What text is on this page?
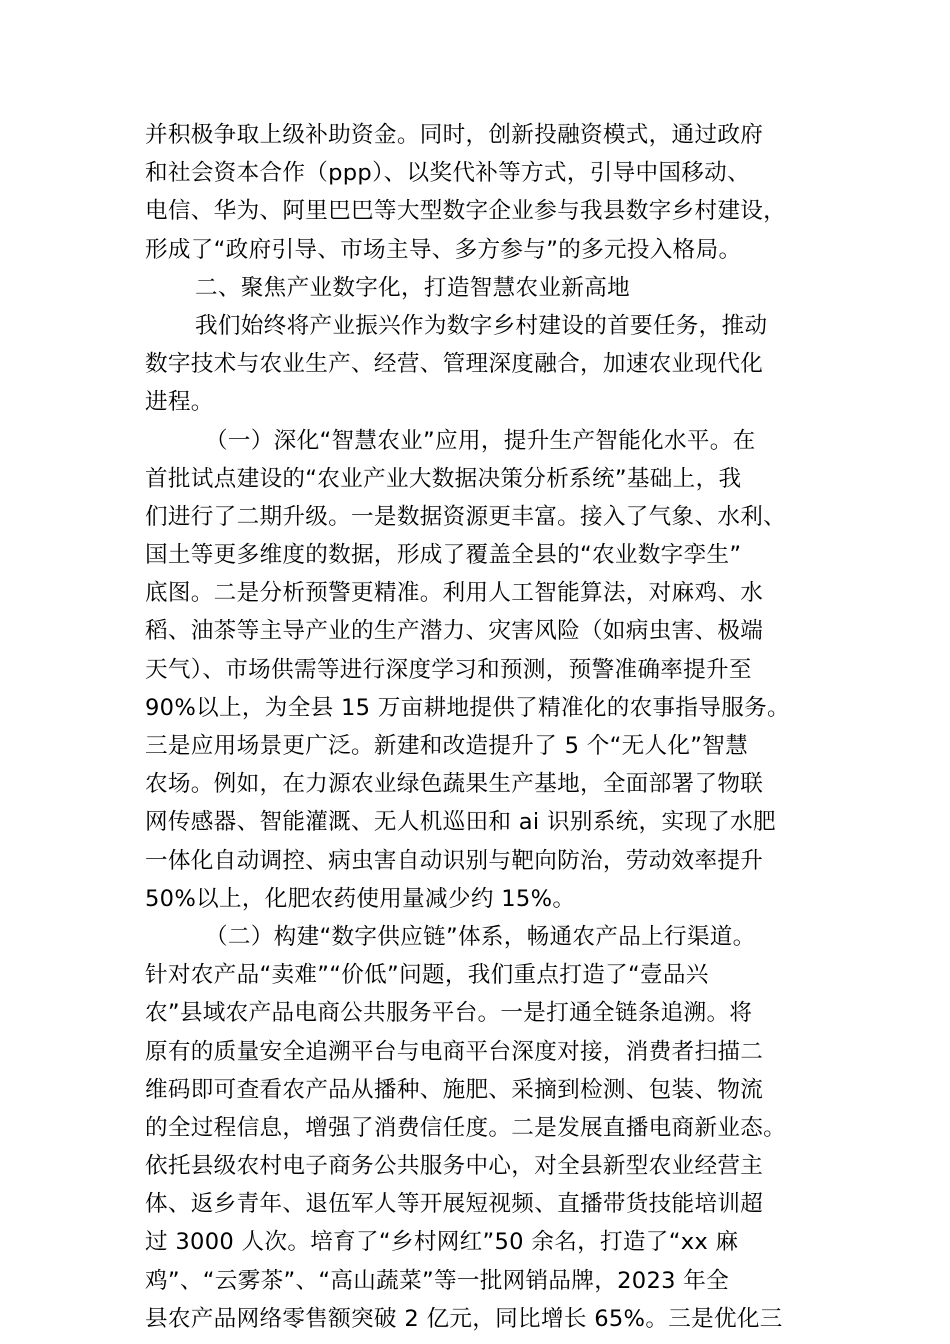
并积极争取上级补助资金。同时，创新投融资模式，通过政府
和社会资本合作（ppp）、以奖代补等方式，引导中国移动、
电信、华为、阿里巴巴等大型数字企业参与我县数字乡村建设，
形成了“政府引导、市场主导、多方参与”的多元投入格局。
二、聚焦产业数字化，打造智慧农业新高地
我们始终将产业振兴作为数字乡村建设的首要任务，推动
数字技术与农业生产、经营、管理深度融合，加速农业现代化
进程。
（一）深化“智慧农业”应用，提升生产智能化水平。在
首批试点建设的“农业产业大数据决策分析系统”基础上，我
们进行了二期升级。一是数据资源更丰富。接入了气象、水利、
国土等更多维度的数据，形成了覆盖全县的“农业数字孪生”
底图。二是分析预警更精准。利用人工智能算法，对麻鸡、水
稻、油茶等主导产业的生产潜力、灾害风险（如病虫害、极端
天气）、市场供需等进行深度学习和预测，预警准确率提升至
90%以上，为全县 15 万亩耕地提供了精准化的农事指导服务。
三是应用场景更广泛。新建和改造提升了 5 个“无人化”智慧
农场。例如，在力源农业绿色蔬果生产基地，全面部署了物联
网传感器、智能灌溉、无人机巡田和 ai 识别系统，实现了水肥
一体化自动调控、病虫害自动识别与靶向防治，劳动效率提升
50%以上，化肥农药使用量减少约 15%。
（二）构建“数字供应链”体系，畅通农产品上行渠道。
针对农产品“卖难”“价低”问题，我们重点打造了“壹品兴
农”县域农产品电商公共服务平台。一是打通全链条追溯。将
原有的质量安全追溯平台与电商平台深度对接，消费者扫描二
维码即可查看农产品从播种、施肥、采摘到检测、包装、物流
的全过程信息，增强了消费信任度。二是发展直播电商新业态。
依托县级农村电子商务公共服务中心，对全县新型农业经营主
体、返乡青年、退伍军人等开展短视频、直播带货技能培训超
过 3000 人次。培育了“乡村网红”50 余名，打造了“xx 麻
鸡”、“云雾茶”、“高山蔬菜”等一批网销品牌，2023 年全
县农产品网络零售额突破 2 亿元，同比增长 65%。三是优化三
